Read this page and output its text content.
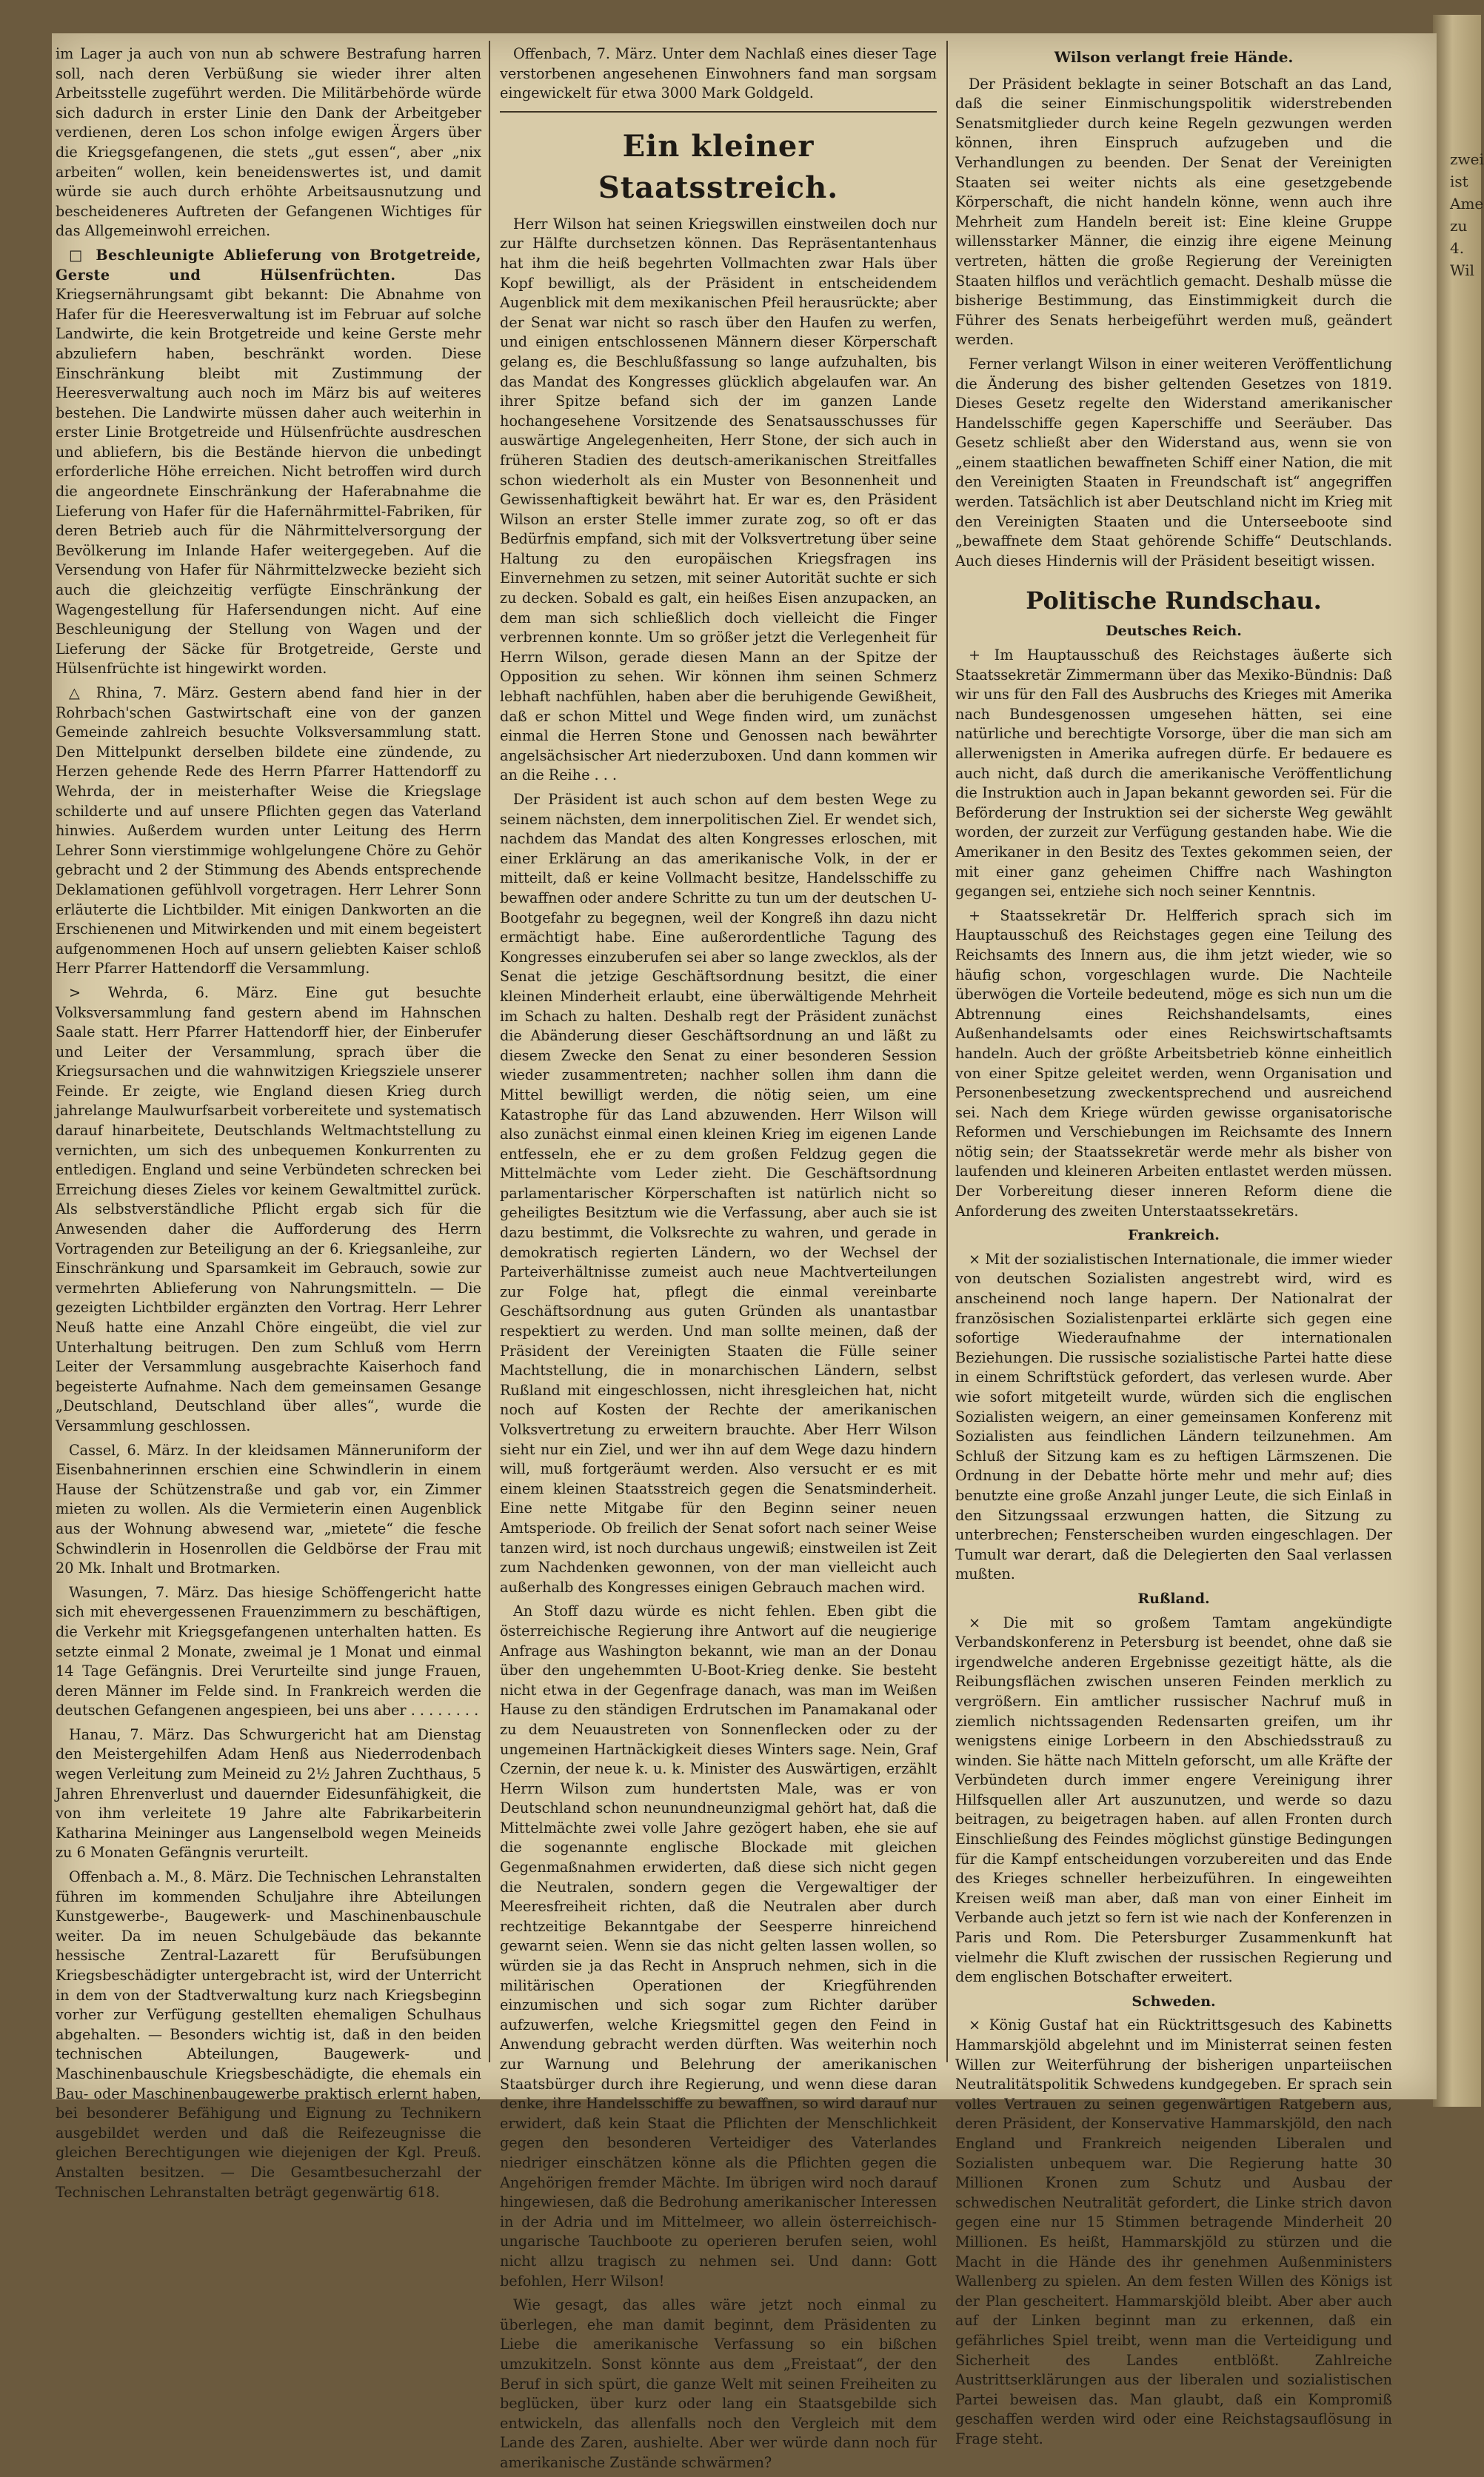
zwei
ist
Ame
zu
4.
Wil

im Lager ja auch von nun ab schwere Bestrafung harren soll, nach deren Verbüßung sie wieder ihrer alten Arbeitsstelle zugeführt werden. Die Militärbehörde würde sich dadurch in erster Linie den Dank der Arbeitgeber verdienen, deren Los schon infolge ewigen Ärgers über die Kriegsgefangenen, die stets „gut essen“, aber „nix arbeiten“ wollen, kein beneidenswertes ist, und damit würde sie auch durch erhöhte Arbeitsausnutzung und bescheideneres Auftreten der Gefangenen Wichtiges für das Allgemeinwohl erreichen.

□ Beschleunigte Ablieferung von Brotgetreide, Gerste und Hülsenfrüchten. Das Kriegsernährungsamt gibt bekannt: Die Abnahme von Hafer für die Heeresverwaltung ist im Februar auf solche Landwirte, die kein Brotgetreide und keine Gerste mehr abzuliefern haben, beschränkt worden. Diese Einschränkung bleibt mit Zustimmung der Heeresverwaltung auch noch im März bis auf weiteres bestehen. Die Landwirte müssen daher auch weiterhin in erster Linie Brotgetreide und Hülsenfrüchte ausdreschen und abliefern, bis die Bestände hiervon die unbedingt erforderliche Höhe erreichen. Nicht betroffen wird durch die angeordnete Einschränkung der Haferabnahme die Lieferung von Hafer für die Hafernährmittel-Fabriken, für deren Betrieb auch für die Nährmittelversorgung der Bevölkerung im Inlande Hafer weitergegeben. Auf die Versendung von Hafer für Nährmittelzwecke bezieht sich auch die gleichzeitig verfügte Einschränkung der Wagengestellung für Hafersendungen nicht. Auf eine Beschleunigung der Stellung von Wagen und der Lieferung der Säcke für Brotgetreide, Gerste und Hülsenfrüchte ist hingewirkt worden.

△ Rhina, 7. März. Gestern abend fand hier in der Rohrbach'schen Gastwirtschaft eine von der ganzen Gemeinde zahlreich besuchte Volksversammlung statt. Den Mittelpunkt derselben bildete eine zündende, zu Herzen gehende Rede des Herrn Pfarrer Hattendorff zu Wehrda, der in meisterhafter Weise die Kriegslage schilderte und auf unsere Pflichten gegen das Vaterland hinwies. Außerdem wurden unter Leitung des Herrn Lehrer Sonn vierstimmige wohlgelungene Chöre zu Gehör gebracht und 2 der Stimmung des Abends entsprechende Deklamationen gefühlvoll vorgetragen. Herr Lehrer Sonn erläuterte die Lichtbilder. Mit einigen Dankworten an die Erschienenen und Mitwirkenden und mit einem begeistert aufgenommenen Hoch auf unsern geliebten Kaiser schloß Herr Pfarrer Hattendorff die Versammlung.

> Wehrda, 6. März. Eine gut besuchte Volksversammlung fand gestern abend im Hahnschen Saale statt. Herr Pfarrer Hattendorff hier, der Einberufer und Leiter der Versammlung, sprach über die Kriegsursachen und die wahnwitzigen Kriegsziele unserer Feinde. Er zeigte, wie England diesen Krieg durch jahrelange Maulwurfsarbeit vorbereitete und systematisch darauf hinarbeitete, Deutschlands Weltmachtstellung zu vernichten, um sich des unbequemen Konkurrenten zu entledigen. England und seine Verbündeten schrecken bei Erreichung dieses Zieles vor keinem Gewaltmittel zurück. Als selbstverständliche Pflicht ergab sich für die Anwesenden daher die Aufforderung des Herrn Vortragenden zur Beteiligung an der 6. Kriegsanleihe, zur Einschränkung und Sparsamkeit im Gebrauch, sowie zur vermehrten Ablieferung von Nahrungsmitteln. — Die gezeigten Lichtbilder ergänzten den Vortrag. Herr Lehrer Neuß hatte eine Anzahl Chöre eingeübt, die viel zur Unterhaltung beitrugen. Den zum Schluß vom Herrn Leiter der Versammlung ausgebrachte Kaiserhoch fand begeisterte Aufnahme. Nach dem gemeinsamen Gesange „Deutschland, Deutschland über alles“, wurde die Versammlung geschlossen.

Cassel, 6. März. In der kleidsamen Männeruniform der Eisenbahnerinnen erschien eine Schwindlerin in einem Hause der Schützenstraße und gab vor, ein Zimmer mieten zu wollen. Als die Vermieterin einen Augenblick aus der Wohnung abwesend war, „mietete“ die fesche Schwindlerin in Hosenrollen die Geldbörse der Frau mit 20 Mk. Inhalt und Brotmarken.

Wasungen, 7. März. Das hiesige Schöffengericht hatte sich mit ehevergessenen Frauenzimmern zu beschäftigen, die Verkehr mit Kriegsgefangenen unterhalten hatten. Es setzte einmal 2 Monate, zweimal je 1 Monat und einmal 14 Tage Gefängnis. Drei Verurteilte sind junge Frauen, deren Männer im Felde sind. In Frankreich werden die deutschen Gefangenen angespieen, bei uns aber . . . . . . . .

Hanau, 7. März. Das Schwurgericht hat am Dienstag den Meistergehilfen Adam Henß aus Niederrodenbach wegen Verleitung zum Meineid zu 2½ Jahren Zuchthaus, 5 Jahren Ehrenverlust und dauernder Eidesunfähigkeit, die von ihm verleitete 19 Jahre alte Fabrikarbeiterin Katharina Meininger aus Langenselbold wegen Meineids zu 6 Monaten Gefängnis verurteilt.

Offenbach a. M., 8. März. Die Technischen Lehranstalten führen im kommenden Schuljahre ihre Abteilungen Kunstgewerbe-, Baugewerk- und Maschinenbauschule weiter. Da im neuen Schulgebäude das bekannte hessische Zentral-Lazarett für Berufsübungen Kriegsbeschädigter untergebracht ist, wird der Unterricht in dem von der Stadtverwaltung kurz nach Kriegsbeginn vorher zur Verfügung gestellten ehemaligen Schulhaus abgehalten. — Besonders wichtig ist, daß in den beiden technischen Abteilungen, Baugewerk- und Maschinenbauschule Kriegsbeschädigte, die ehemals ein Bau- oder Maschinenbaugewerbe praktisch erlernt haben, bei besonderer Befähigung und Eignung zu Technikern ausgebildet werden und daß die Reifezeugnisse die gleichen Berechtigungen wie diejenigen der Kgl. Preuß. Anstalten besitzen. — Die Gesamtbesucherzahl der Technischen Lehranstalten beträgt gegenwärtig 618.

Offenbach, 7. März. Unter dem Nachlaß eines dieser Tage verstorbenen angesehenen Einwohners fand man sorgsam eingewickelt für etwa 3000 Mark Goldgeld.

Ein kleiner Staatsstreich.

Herr Wilson hat seinen Kriegswillen einstweilen doch nur zur Hälfte durchsetzen können. Das Repräsentantenhaus hat ihm die heiß begehrten Vollmachten zwar Hals über Kopf bewilligt, als der Präsident in entscheidendem Augenblick mit dem mexikanischen Pfeil herausrückte; aber der Senat war nicht so rasch über den Haufen zu werfen, und einigen entschlossenen Männern dieser Körperschaft gelang es, die Beschlußfassung so lange aufzuhalten, bis das Mandat des Kongresses glücklich abgelaufen war. An ihrer Spitze befand sich der im ganzen Lande hochangesehene Vorsitzende des Senatsausschusses für auswärtige Angelegenheiten, Herr Stone, der sich auch in früheren Stadien des deutsch-amerikanischen Streitfalles schon wiederholt als ein Muster von Besonnenheit und Gewissenhaftigkeit bewährt hat. Er war es, den Präsident Wilson an erster Stelle immer zurate zog, so oft er das Bedürfnis empfand, sich mit der Volksvertretung über seine Haltung zu den europäischen Kriegsfragen ins Einvernehmen zu setzen, mit seiner Autorität suchte er sich zu decken. Sobald es galt, ein heißes Eisen anzupacken, an dem man sich schließlich doch vielleicht die Finger verbrennen konnte. Um so größer jetzt die Verlegenheit für Herrn Wilson, gerade diesen Mann an der Spitze der Opposition zu sehen. Wir können ihm seinen Schmerz lebhaft nachfühlen, haben aber die beruhigende Gewißheit, daß er schon Mittel und Wege finden wird, um zunächst einmal die Herren Stone und Genossen nach bewährter angelsächsischer Art niederzuboxen. Und dann kommen wir an die Reihe . . .

Der Präsident ist auch schon auf dem besten Wege zu seinem nächsten, dem innerpolitischen Ziel. Er wendet sich, nachdem das Mandat des alten Kongresses erloschen, mit einer Erklärung an das amerikanische Volk, in der er mitteilt, daß er keine Vollmacht besitze, Handelsschiffe zu bewaffnen oder andere Schritte zu tun um der deutschen U-Bootgefahr zu begegnen, weil der Kongreß ihn dazu nicht ermächtigt habe. Eine außerordentliche Tagung des Kongresses einzuberufen sei aber so lange zwecklos, als der Senat die jetzige Geschäftsordnung besitzt, die einer kleinen Minderheit erlaubt, eine überwältigende Mehrheit im Schach zu halten. Deshalb regt der Präsident zunächst die Abänderung dieser Geschäftsordnung an und läßt zu diesem Zwecke den Senat zu einer besonderen Session wieder zusammentreten; nachher sollen ihm dann die Mittel bewilligt werden, die nötig seien, um eine Katastrophe für das Land abzuwenden. Herr Wilson will also zunächst einmal einen kleinen Krieg im eigenen Lande entfesseln, ehe er zu dem großen Feldzug gegen die Mittelmächte vom Leder zieht. Die Geschäftsordnung parlamentarischer Körperschaften ist natürlich nicht so geheiligtes Besitztum wie die Verfassung, aber auch sie ist dazu bestimmt, die Volksrechte zu wahren, und gerade in demokratisch regierten Ländern, wo der Wechsel der Parteiverhältnisse zumeist auch neue Machtverteilungen zur Folge hat, pflegt die einmal vereinbarte Geschäftsordnung aus guten Gründen als unantastbar respektiert zu werden. Und man sollte meinen, daß der Präsident der Vereinigten Staaten die Fülle seiner Machtstellung, die in monarchischen Ländern, selbst Rußland mit eingeschlossen, nicht ihresgleichen hat, nicht noch auf Kosten der Rechte der amerikanischen Volksvertretung zu erweitern brauchte. Aber Herr Wilson sieht nur ein Ziel, und wer ihn auf dem Wege dazu hindern will, muß fortgeräumt werden. Also versucht er es mit einem kleinen Staatsstreich gegen die Senatsminderheit. Eine nette Mitgabe für den Beginn seiner neuen Amtsperiode. Ob freilich der Senat sofort nach seiner Weise tanzen wird, ist noch durchaus ungewiß; einstweilen ist Zeit zum Nachdenken gewonnen, von der man vielleicht auch außerhalb des Kongresses einigen Gebrauch machen wird.

An Stoff dazu würde es nicht fehlen. Eben gibt die österreichische Regierung ihre Antwort auf die neugierige Anfrage aus Washington bekannt, wie man an der Donau über den ungehemmten U-Boot-Krieg denke. Sie besteht nicht etwa in der Gegenfrage danach, was man im Weißen Hause zu den ständigen Erdrutschen im Panamakanal oder zu dem Neuaustreten von Sonnenflecken oder zu der ungemeinen Hartnäckigkeit dieses Winters sage. Nein, Graf Czernin, der neue k. u. k. Minister des Auswärtigen, erzählt Herrn Wilson zum hundertsten Male, was er von Deutschland schon neunundneunzigmal gehört hat, daß die Mittelmächte zwei volle Jahre gezögert haben, ehe sie auf die sogenannte englische Blockade mit gleichen Gegenmaßnahmen erwiderten, daß diese sich nicht gegen die Neutralen, sondern gegen die Vergewaltiger der Meeresfreiheit richten, daß die Neutralen aber durch rechtzeitige Bekanntgabe der Seesperre hinreichend gewarnt seien. Wenn sie das nicht gelten lassen wollen, so würden sie ja das Recht in Anspruch nehmen, sich in die militärischen Operationen der Kriegführenden einzumischen und sich sogar zum Richter darüber aufzuwerfen, welche Kriegsmittel gegen den Feind in Anwendung gebracht werden dürften. Was weiterhin noch zur Warnung und Belehrung der amerikanischen Staatsbürger durch ihre Regierung, und wenn diese daran denke, ihre Handelsschiffe zu bewaffnen, so wird darauf nur erwidert, daß kein Staat die Pflichten der Menschlichkeit gegen den besonderen Verteidiger des Vaterlandes niedriger einschätzen könne als die Pflichten gegen die Angehörigen fremder Mächte. Im übrigen wird noch darauf hingewiesen, daß die Bedrohung amerikanischer Interessen in der Adria und im Mittelmeer, wo allein österreichisch-ungarische Tauchboote zu operieren berufen seien, wohl nicht allzu tragisch zu nehmen sei. Und dann: Gott befohlen, Herr Wilson!

Wie gesagt, das alles wäre jetzt noch einmal zu überlegen, ehe man damit beginnt, dem Präsidenten zu Liebe die amerikanische Verfassung so ein bißchen umzukitzeln. Sonst könnte aus dem „Freistaat“, der den Beruf in sich spürt, die ganze Welt mit seinen Freiheiten zu beglücken, über kurz oder lang ein Staatsgebilde sich entwickeln, das allenfalls noch den Vergleich mit dem Lande des Zaren, aushielte. Aber wer würde dann noch für amerikanische Zustände schwärmen?

Wilson verlangt freie Hände.

Der Präsident beklagte in seiner Botschaft an das Land, daß die seiner Einmischungspolitik widerstrebenden Senatsmitglieder durch keine Regeln gezwungen werden können, ihren Einspruch aufzugeben und die Verhandlungen zu beenden. Der Senat der Vereinigten Staaten sei weiter nichts als eine gesetzgebende Körperschaft, die nicht handeln könne, wenn auch ihre Mehrheit zum Handeln bereit ist: Eine kleine Gruppe willensstarker Männer, die einzig ihre eigene Meinung vertreten, hätten die große Regierung der Vereinigten Staaten hilflos und verächtlich gemacht. Deshalb müsse die bisherige Bestimmung, das Einstimmigkeit durch die Führer des Senats herbeigeführt werden muß, geändert werden.

Ferner verlangt Wilson in einer weiteren Veröffentlichung die Änderung des bisher geltenden Gesetzes von 1819. Dieses Gesetz regelte den Widerstand amerikanischer Handelsschiffe gegen Kaperschiffe und Seeräuber. Das Gesetz schließt aber den Widerstand aus, wenn sie von „einem staatlichen bewaffneten Schiff einer Nation, die mit den Vereinigten Staaten in Freundschaft ist“ angegriffen werden. Tatsächlich ist aber Deutschland nicht im Krieg mit den Vereinigten Staaten und die Unterseeboote sind „bewaffnete dem Staat gehörende Schiffe“ Deutschlands. Auch dieses Hindernis will der Präsident beseitigt wissen.

Politische Rundschau.
Deutsches Reich.

+ Im Hauptausschuß des Reichstages äußerte sich Staatssekretär Zimmermann über das Mexiko-Bündnis: Daß wir uns für den Fall des Ausbruchs des Krieges mit Amerika nach Bundesgenossen umgesehen hätten, sei eine natürliche und berechtigte Vorsorge, über die man sich am allerwenigsten in Amerika aufregen dürfe. Er bedauere es auch nicht, daß durch die amerikanische Veröffentlichung die Instruktion auch in Japan bekannt geworden sei. Für die Beförderung der Instruktion sei der sicherste Weg gewählt worden, der zurzeit zur Verfügung gestanden habe. Wie die Amerikaner in den Besitz des Textes gekommen seien, der mit einer ganz geheimen Chiffre nach Washington gegangen sei, entziehe sich noch seiner Kenntnis.

+ Staatssekretär Dr. Helfferich sprach sich im Hauptausschuß des Reichstages gegen eine Teilung des Reichsamts des Innern aus, die ihm jetzt wieder, wie so häufig schon, vorgeschlagen wurde. Die Nachteile überwögen die Vorteile bedeutend, möge es sich nun um die Abtrennung eines Reichshandelsamts, eines Außenhandelsamts oder eines Reichswirtschaftsamts handeln. Auch der größte Arbeitsbetrieb könne einheitlich von einer Spitze geleitet werden, wenn Organisation und Personenbesetzung zweckentsprechend und ausreichend sei. Nach dem Kriege würden gewisse organisatorische Reformen und Verschiebungen im Reichsamte des Innern nötig sein; der Staatssekretär werde mehr als bisher von laufenden und kleineren Arbeiten entlastet werden müssen. Der Vorbereitung dieser inneren Reform diene die Anforderung des zweiten Unterstaatssekretärs.

Frankreich.

× Mit der sozialistischen Internationale, die immer wieder von deutschen Sozialisten angestrebt wird, wird es anscheinend noch lange hapern. Der Nationalrat der französischen Sozialistenpartei erklärte sich gegen eine sofortige Wiederaufnahme der internationalen Beziehungen. Die russische sozialistische Partei hatte diese in einem Schriftstück gefordert, das verlesen wurde. Aber wie sofort mitgeteilt wurde, würden sich die englischen Sozialisten weigern, an einer gemeinsamen Konferenz mit Sozialisten aus feindlichen Ländern teilzunehmen. Am Schluß der Sitzung kam es zu heftigen Lärmszenen. Die Ordnung in der Debatte hörte mehr und mehr auf; dies benutzte eine große Anzahl junger Leute, die sich Einlaß in den Sitzungssaal erzwungen hatten, die Sitzung zu unterbrechen; Fensterscheiben wurden eingeschlagen. Der Tumult war derart, daß die Delegierten den Saal verlassen mußten.

Rußland.

× Die mit so großem Tamtam angekündigte Verbandskonferenz in Petersburg ist beendet, ohne daß sie irgendwelche anderen Ergebnisse gezeitigt hätte, als die Reibungsflächen zwischen unseren Feinden merklich zu vergrößern. Ein amtlicher russischer Nachruf muß in ziemlich nichtssagenden Redensarten greifen, um ihr wenigstens einige Lorbeern in den Abschiedsstrauß zu winden. Sie hätte nach Mitteln geforscht, um alle Kräfte der Verbündeten durch immer engere Vereinigung ihrer Hilfsquellen aller Art auszunutzen, und werde so dazu beitragen, zu beigetragen haben. auf allen Fronten durch Einschließung des Feindes möglichst günstige Bedingungen für die Kampf entscheidungen vorzubereiten und das Ende des Krieges schneller herbeizuführen. In eingeweihten Kreisen weiß man aber, daß man von einer Einheit im Verbande auch jetzt so fern ist wie nach der Konferenzen in Paris und Rom. Die Petersburger Zusammenkunft hat vielmehr die Kluft zwischen der russischen Regierung und dem englischen Botschafter erweitert.

Schweden.

× König Gustaf hat ein Rücktrittsgesuch des Kabinetts Hammarskjöld abgelehnt und im Ministerrat seinen festen Willen zur Weiterführung der bisherigen unparteiischen Neutralitätspolitik Schwedens kundgegeben. Er sprach sein volles Vertrauen zu seinen gegenwärtigen Ratgebern aus, deren Präsident, der Konservative Hammarskjöld, den nach England und Frankreich neigenden Liberalen und Sozialisten unbequem war. Die Regierung hatte 30 Millionen Kronen zum Schutz und Ausbau der schwedischen Neutralität gefordert, die Linke strich davon gegen eine nur 15 Stimmen betragende Minderheit 20 Millionen. Es heißt, Hammarskjöld zu stürzen und die Macht in die Hände des ihr genehmen Außenministers Wallenberg zu spielen. An dem festen Willen des Königs ist der Plan gescheitert. Hammarskjöld bleibt. Aber aber auch auf der Linken beginnt man zu erkennen, daß ein gefährliches Spiel treibt, wenn man die Verteidigung und Sicherheit des Landes entblößt. Zahlreiche Austrittserklärungen aus der liberalen und sozialistischen Partei beweisen das. Man glaubt, daß ein Kompromiß geschaffen werden wird oder eine Reichstagsauflösung in Frage steht.
